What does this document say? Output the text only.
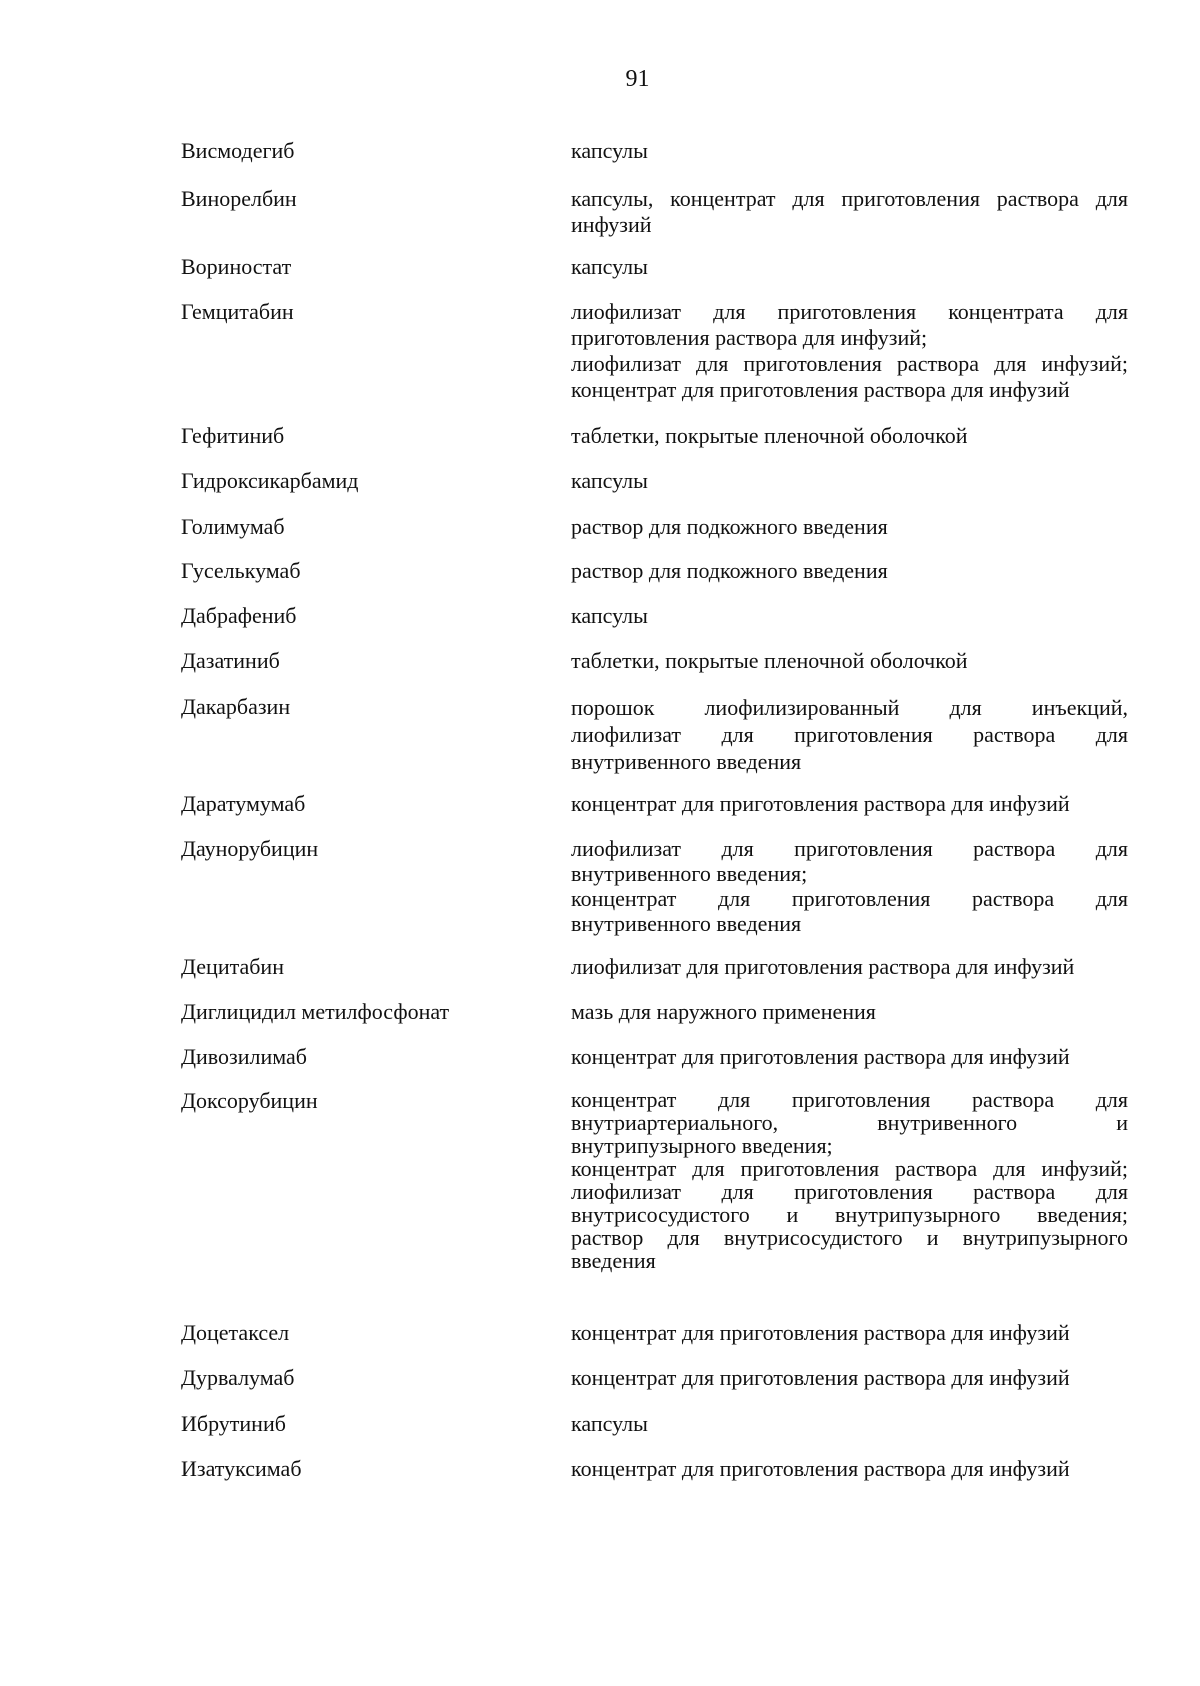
91
Висмодегиб	капсулы
Винорелбин	капсулы, концентрат для приготовления раствора для
инфузий
Вориностат	капсулы
Гемцитабин	лиофилизат для приготовления концентрата для
приготовления раствора для инфузий;
лиофилизат для приготовления раствора для инфузий;
концентрат для приготовления раствора для инфузий
Гефитиниб	таблетки, покрытые пленочной оболочкой
Гидроксикарбамид	капсулы
Голимумаб	раствор для подкожного введения
Гуселькумаб	раствор для подкожного введения
Дабрафениб	капсулы
Дазатиниб	таблетки, покрытые пленочной оболочкой
Дакарбазин	порошок лиофилизированный для инъекций,
лиофилизат для приготовления раствора для
внутривенного введения
Даратумумаб	концентрат для приготовления раствора для инфузий
Даунорубицин	лиофилизат для приготовления раствора для
внутривенного введения;
концентрат для приготовления раствора для
внутривенного введения
Децитабин	лиофилизат для приготовления раствора для инфузий
Диглицидил метилфосфонат	мазь для наружного применения
Дивозилимаб	концентрат для приготовления раствора для инфузий
Доксорубицин	концентрат для приготовления раствора для
внутриартериального, внутривенного и
внутрипузырного введения;
концентрат для приготовления раствора для инфузий;
лиофилизат для приготовления раствора для
внутрисосудистого и внутрипузырного введения;
раствор для внутрисосудистого и внутрипузырного
введения
Доцетаксел	концентрат для приготовления раствора для инфузий
Дурвалумаб	концентрат для приготовления раствора для инфузий
Ибрутиниб	капсулы
Изатуксимаб	концентрат для приготовления раствора для инфузий
